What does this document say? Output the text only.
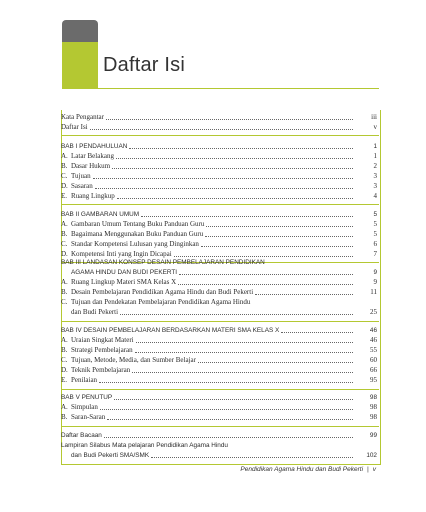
Daftar Isi
Kata Pengantar	iii
Daftar Isi	v
BAB I PENDAHULUAN	1
A. Latar Belakang	1
B. Dasar Hukum	2
C. Tujuan	3
D. Sasaran	3
E. Ruang Lingkup	4
BAB II GAMBARAN UMUM	5
A. Gambaran Umum Tentang Buku Panduan Guru	5
B. Bagaimana Menggunakan Buku Panduan Guru	5
C. Standar Kompetensi Lulusan yang Dinginkan	6
D. Kompetensi Inti yang Ingin Dicapai	7
BAB III LANDASAN KONSEP DESAIN PEMBELAJARAN PENDIDIKAN
AGAMA HINDU DAN BUDI PEKERTI	9
A. Ruang Lingkup Materi SMA Kelas X	9
B. Desain Pembelajaran Pendidikan Agama Hindu dan Budi Pekerti	11
C. Tujuan dan Pendekatan Pembelajaran Pendidikan Agama Hindu
dan Budi Pekerti	25
BAB IV DESAIN PEMBELAJARAN BERDASARKAN MATERI SMA KELAS X	46
A. Uraian Singkat Materi	46
B. Strategi Pembelajaran	55
C. Tujuan, Metode, Media, dan Sumber Belajar	60
D. Teknik Pembelajaran	66
E. Penilaian	95
BAB V PENUTUP	98
A. Simpulan	98
B. Saran-Saran	98
Daftar Bacaan	99
Lampiran Silabus Mata pelajaran Pendidikan Agama Hindu
dan Budi Pekerti SMA/SMK	102
Pendidikan Agama Hindu dan Budi Pekerti | v
